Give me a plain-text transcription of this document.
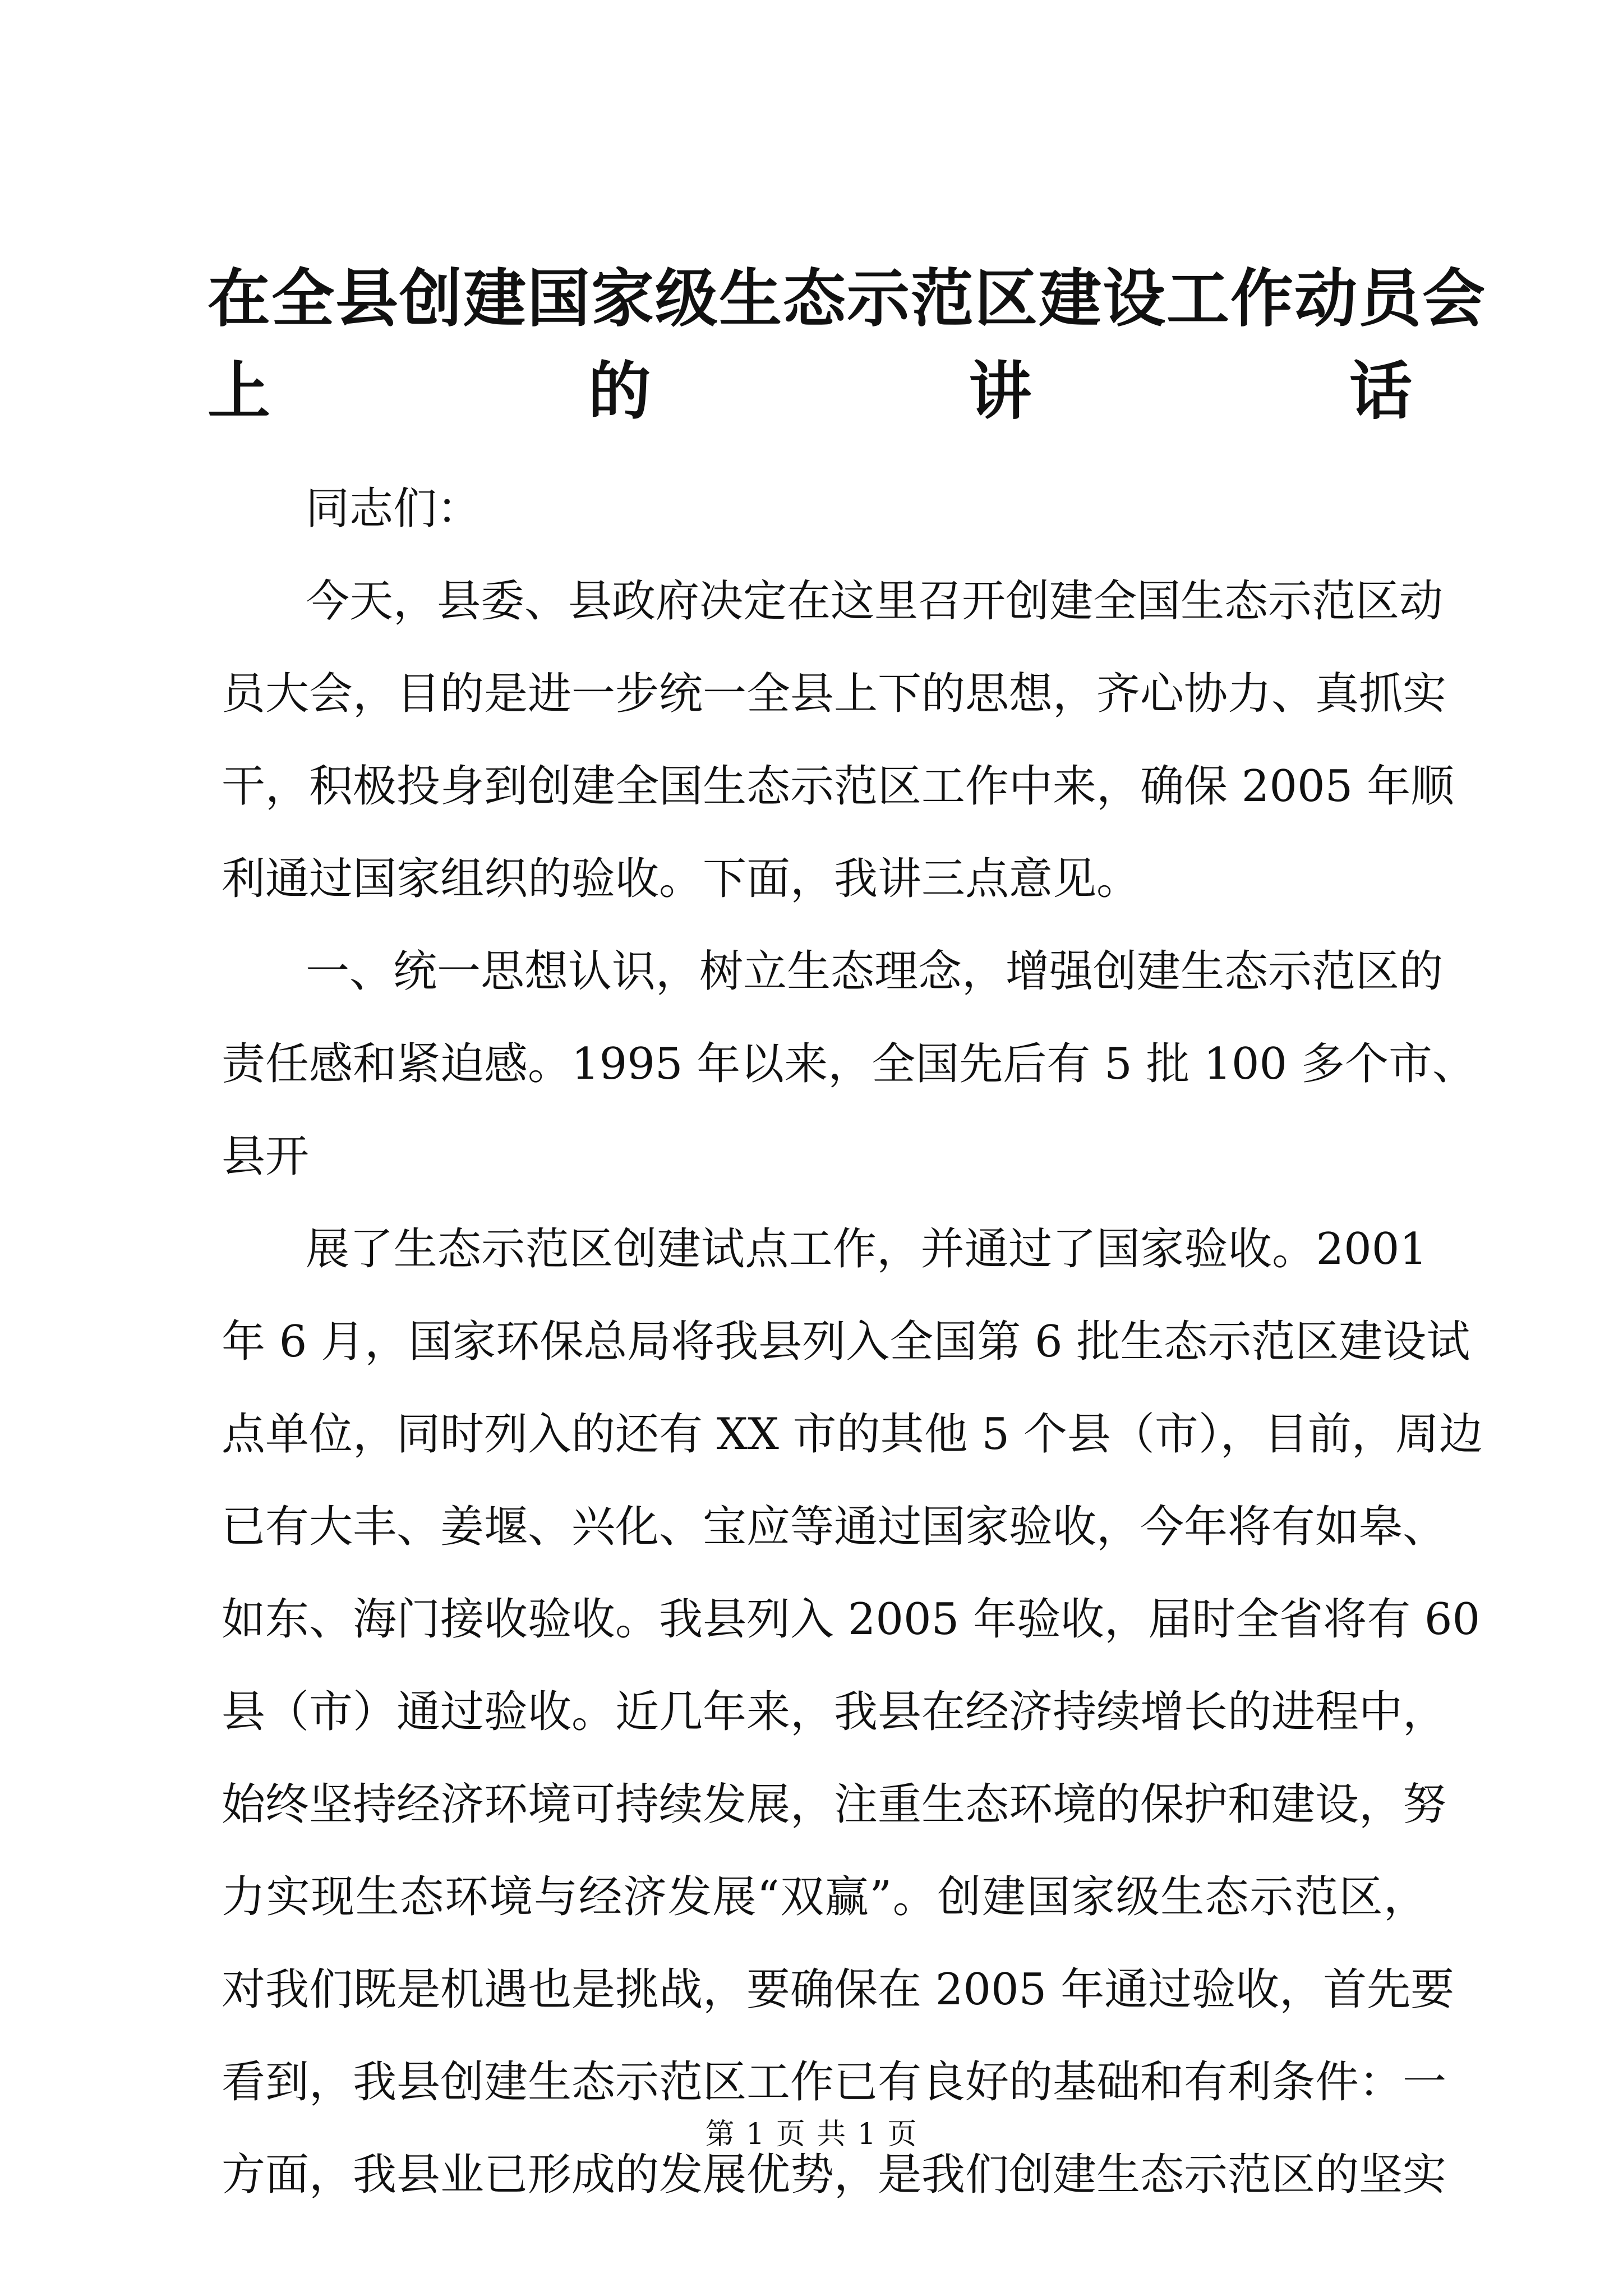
在全县创建国家级生态示范区建设工作动员会
上的讲话

同志们：

今天，县委、县政府决定在这里召开创建全国生态示范区动
员大会，目的是进一步统一全县上下的思想，齐心协力、真抓实
干，积极投身到创建全国生态示范区工作中来，确保 2005 年顺
利通过国家组织的验收。下面，我讲三点意见。

一、统一思想认识，树立生态理念，增强创建生态示范区的
责任感和紧迫感。1995 年以来，全国先后有 5 批 100 多个市、
县开

展了生态示范区创建试点工作，并通过了国家验收。2001
年 6 月，国家环保总局将我县列入全国第 6 批生态示范区建设试
点单位，同时列入的还有 XX 市的其他 5 个县（市），目前，周边
已有大丰、姜堰、兴化、宝应等通过国家验收，今年将有如皋、
如东、海门接收验收。我县列入 2005 年验收，届时全省将有 60
县（市）通过验收。近几年来，我县在经济持续增长的进程中，
始终坚持经济环境可持续发展，注重生态环境的保护和建设，努
力实现生态环境与经济发展“双赢”。创建国家级生态示范区，
对我们既是机遇也是挑战，要确保在 2005 年通过验收，首先要
看到，我县创建生态示范区工作已有良好的基础和有利条件：一
方面，我县业已形成的发展优势，是我们创建生态示范区的坚实

第 1 页 共 1 页
